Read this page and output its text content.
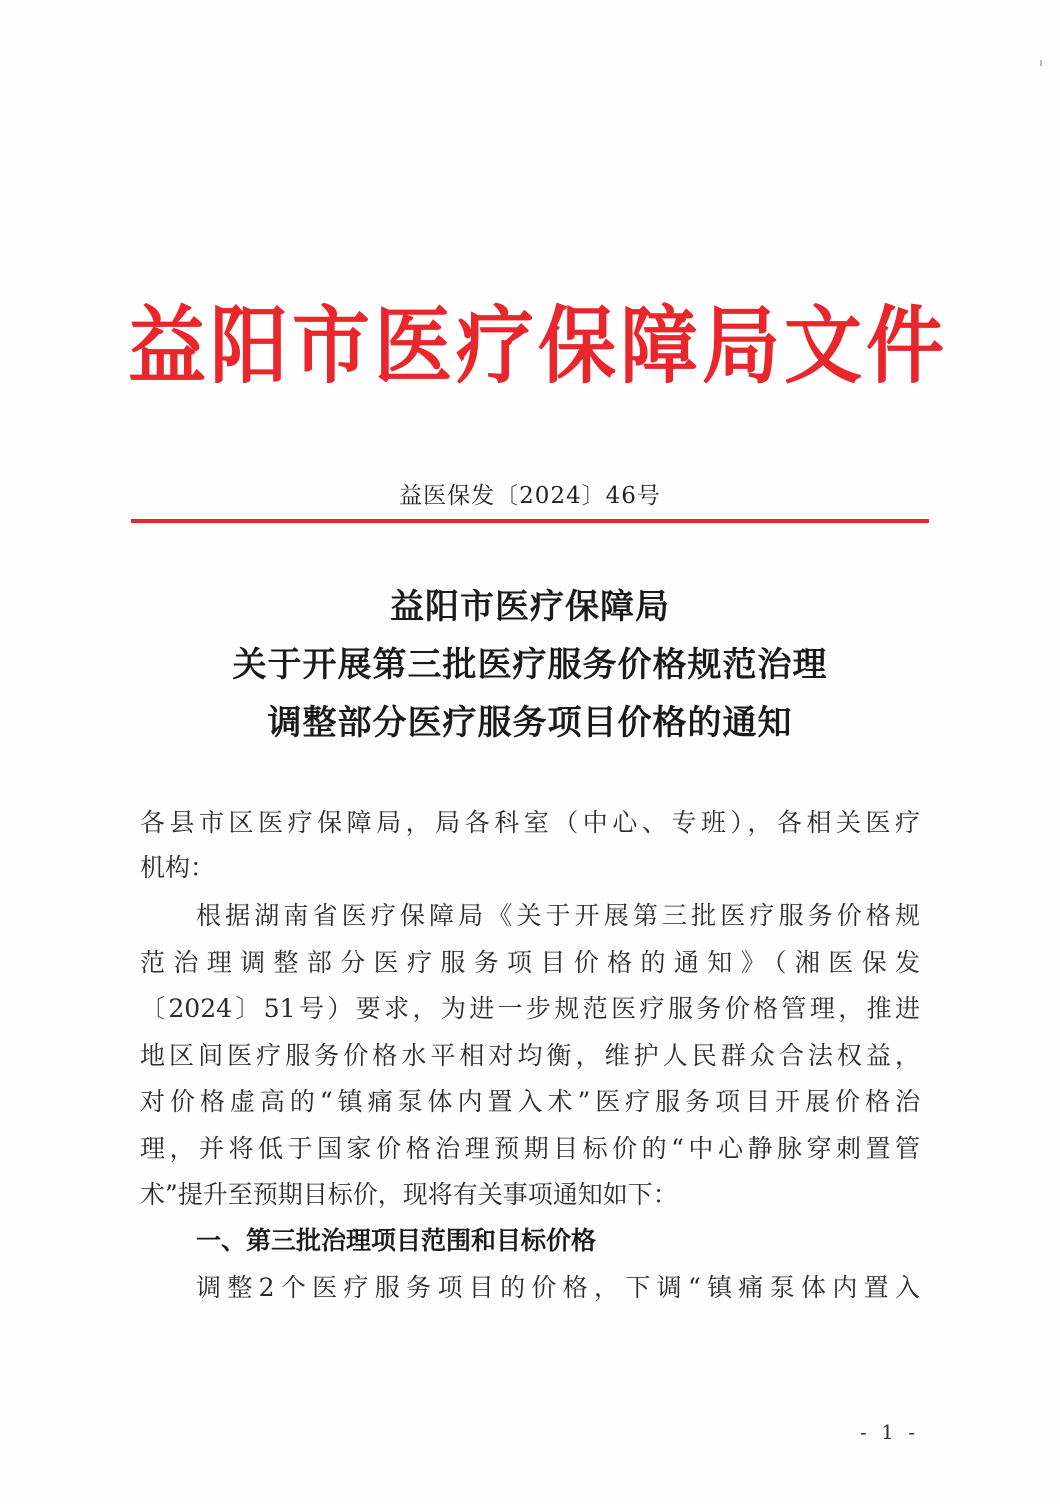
益阳市医疗保障局文件
益医保发〔2024〕46号
益阳市医疗保障局
关于开展第三批医疗服务价格规范治理
调整部分医疗服务项目价格的通知
各县市区医疗保障局，局各科室（中心、专班），各相关医疗
机构：
根据湖南省医疗保障局《关于开展第三批医疗服务价格规
范治理调整部分医疗服务项目价格的通知》（湘医保发
〔2024〕51号）要求，为进一步规范医疗服务价格管理，推进
地区间医疗服务价格水平相对均衡，维护人民群众合法权益，
对价格虚高的“镇痛泵体内置入术”医疗服务项目开展价格治
理，并将低于国家价格治理预期目标价的“中心静脉穿刺置管
术”提升至预期目标价，现将有关事项通知如下：
一、第三批治理项目范围和目标价格
调整2个医疗服务项目的价格，下调“镇痛泵体内置入
- 1 -
